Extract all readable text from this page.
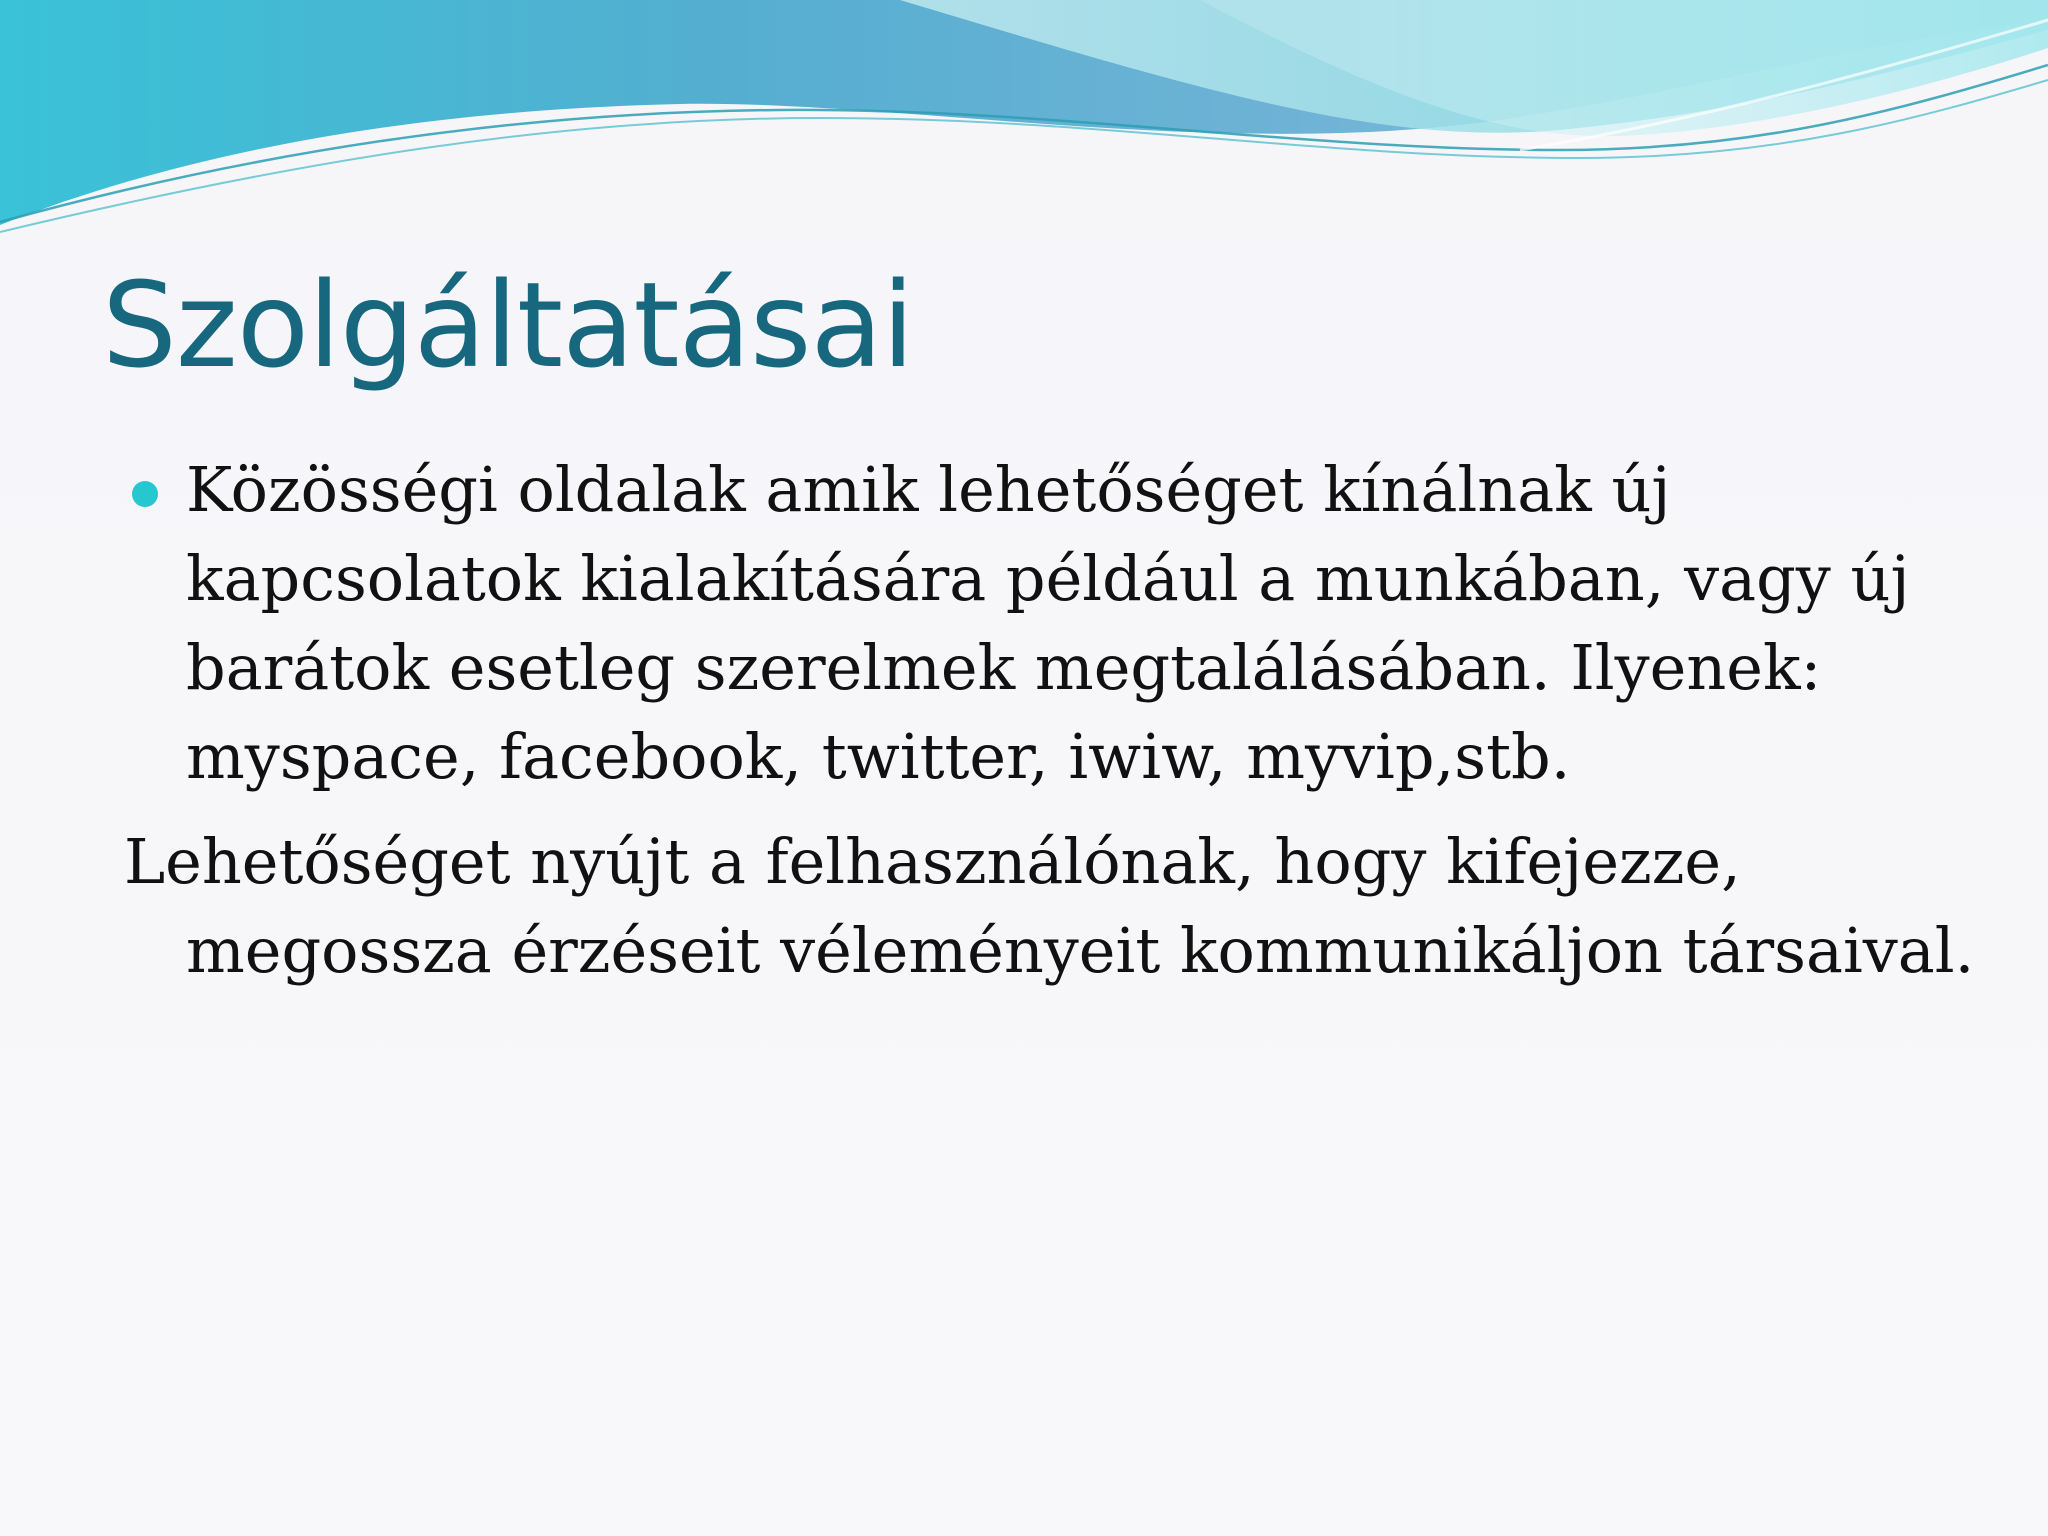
Szolgáltatásai

Közösségi oldalak amik lehetőséget kínálnak új kapcsolatok kialakítására például a munkában, vagy új barátok esetleg szerelmek megtalálásában. Ilyenek: myspace, facebook, twitter, iwiw, myvip,stb.

Lehetőséget nyújt a felhasználónak, hogy kifejezze, megossza érzéseit véleményeit kommunikáljon társaival.
